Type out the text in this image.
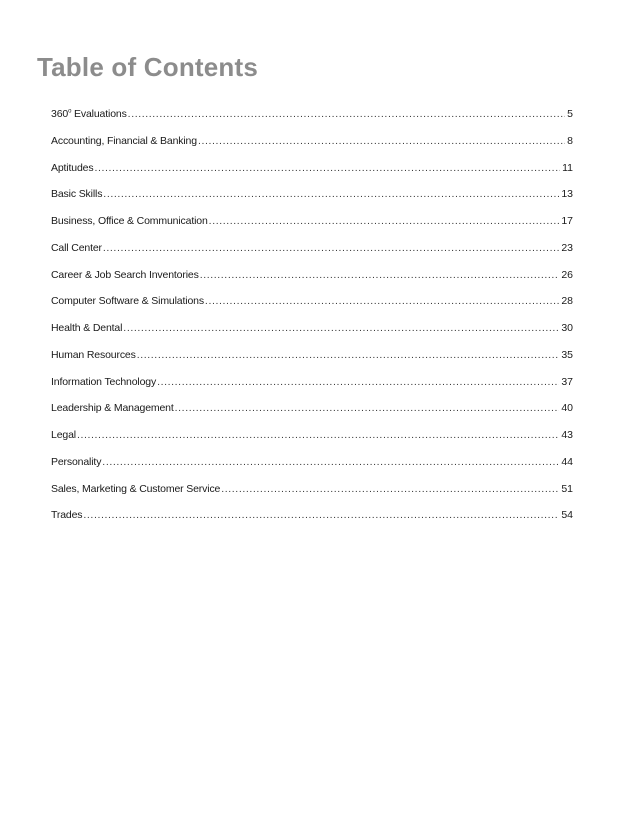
Table of Contents
360$^o$ Evaluations .....	5
Accounting, Financial & Banking .....	8
Aptitudes .....	11
Basic Skills .....	13
Business, Office & Communication .....	17
Call Center .....	23
Career & Job Search Inventories .....	26
Computer Software & Simulations .....	28
Health & Dental .....	30
Human Resources .....	35
Information Technology .....	37
Leadership & Management .....	40
Legal .....	43
Personality .....	44
Sales, Marketing & Customer Service .....	51
Trades .....	54
